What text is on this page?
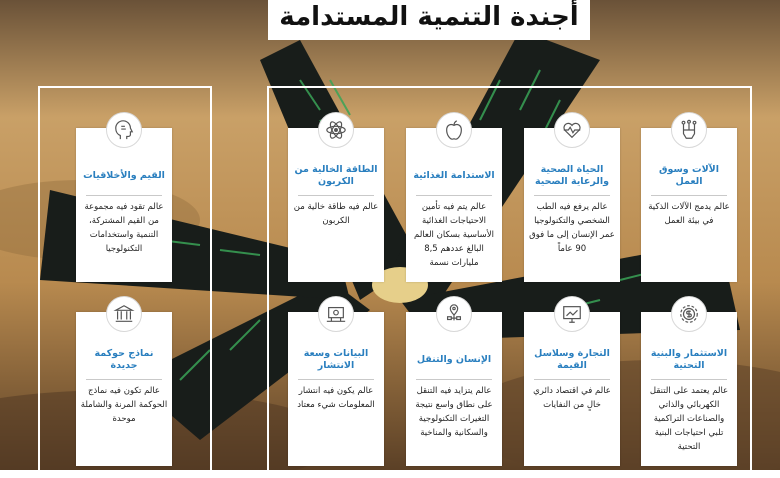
أجندة التنمية المستدامة
الآلات وسوق العمل
عالم يدمج الآلات الذكية في بيئة العمل
الحياة الصحية والرعاية الصحية
عالم يرفع فيه الطب الشخصي والتكنولوجيا عمر الإنسان إلى ما فوق 90 عاماً
الاستدامة الغذائية
عالم يتم فيه تأمين الاحتياجات الغذائية الأساسية بسكان العالم البالغ عددهم 8,5 مليارات نسمة
الطاقة الخالية من الكربون
عالم فيه طاقة خالية من الكربون
القيم والأخلاقيات
عالم تقود فيه مجموعة من القيم المشتركة، التنمية واستخدامات التكنولوجيا
الاستثمار والبنية التحتية
عالم يعتمد على التنقل الكهربائي والذاتي والصناعات التراكمية تلبي احتياجات البنية التحتية
التجارة وسلاسل القيمة
عالم في اقتصاد دائري خالٍ من النفايات
الإنسان والتنقل
عالم يتزايد فيه التنقل على نطاق واسع نتيجة التغيرات التكنولوجية والسكانية والمناخية
البيانات وسعة الانتشار
عالم يكون فيه انتشار المعلومات شيء معتاد
نماذج حوكمة جديدة
عالم تكون فيه نماذج الحوكمة المرنة والشاملة موحدة
